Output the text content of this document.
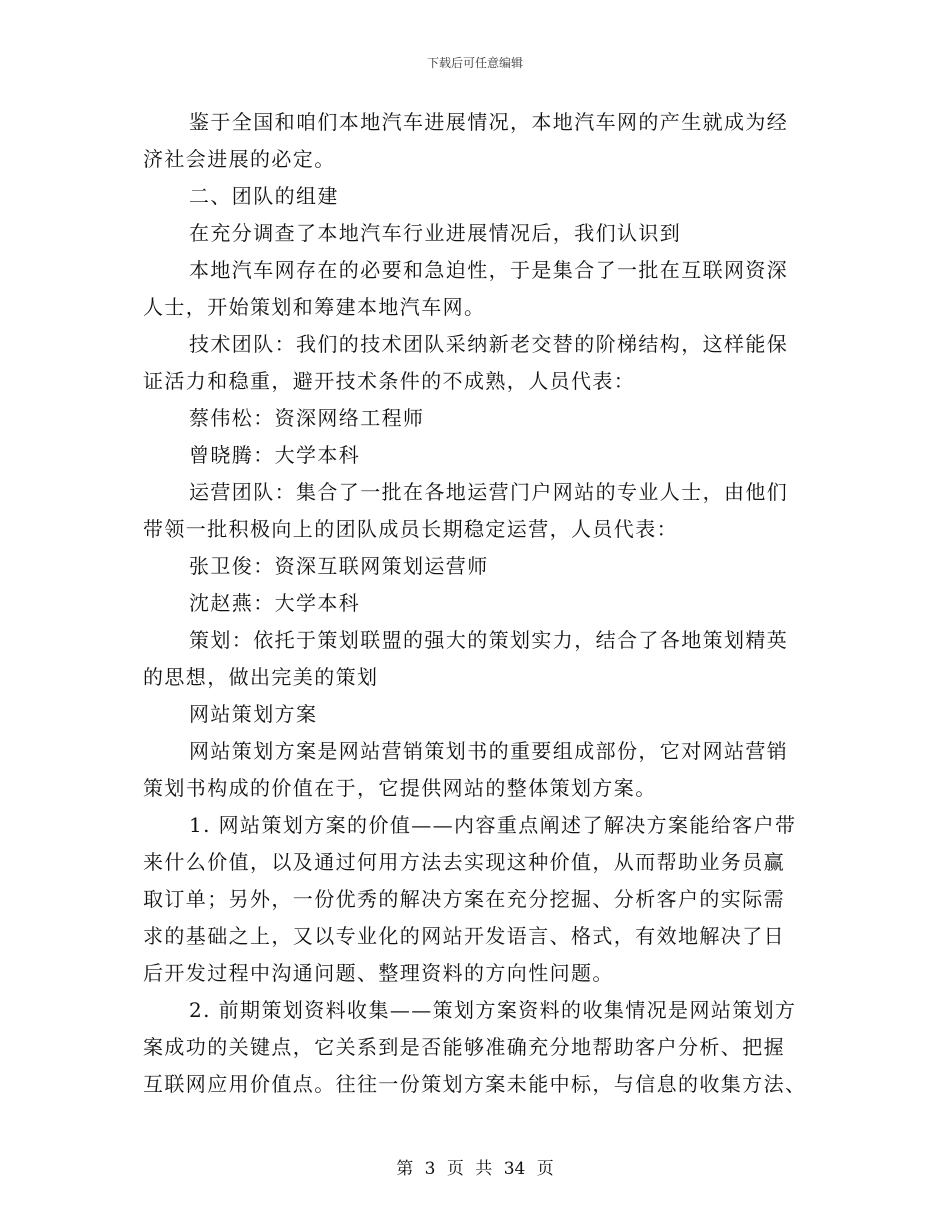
下载后可任意编辑
鉴于全国和咱们本地汽车进展情况，本地汽车网的产生就成为经
济社会进展的必定。
二、团队的组建
在充分调查了本地汽车行业进展情况后，我们认识到
本地汽车网存在的必要和急迫性，于是集合了一批在互联网资深
人士，开始策划和筹建本地汽车网。
技术团队：我们的技术团队采纳新老交替的阶梯结构，这样能保
证活力和稳重，避开技术条件的不成熟，人员代表：
蔡伟松：资深网络工程师
曾晓腾：大学本科
运营团队：集合了一批在各地运营门户网站的专业人士，由他们
带领一批积极向上的团队成员长期稳定运营，人员代表：
张卫俊：资深互联网策划运营师
沈赵燕：大学本科
策划：依托于策划联盟的强大的策划实力，结合了各地策划精英
的思想，做出完美的策划
网站策划方案
网站策划方案是网站营销策划书的重要组成部份，它对网站营销
策划书构成的价值在于，它提供网站的整体策划方案。
1. 网站策划方案的价值——内容重点阐述了解决方案能给客户带
来什么价值，以及通过何用方法去实现这种价值，从而帮助业务员赢
取订单；另外，一份优秀的解决方案在充分挖掘、分析客户的实际需
求的基础之上，又以专业化的网站开发语言、格式，有效地解决了日
后开发过程中沟通问题、整理资料的方向性问题。
2. 前期策划资料收集——策划方案资料的收集情况是网站策划方
案成功的关键点，它关系到是否能够准确充分地帮助客户分析、把握
互联网应用价值点。往往一份策划方案未能中标，与信息的收集方法、
第 3 页 共 34 页
